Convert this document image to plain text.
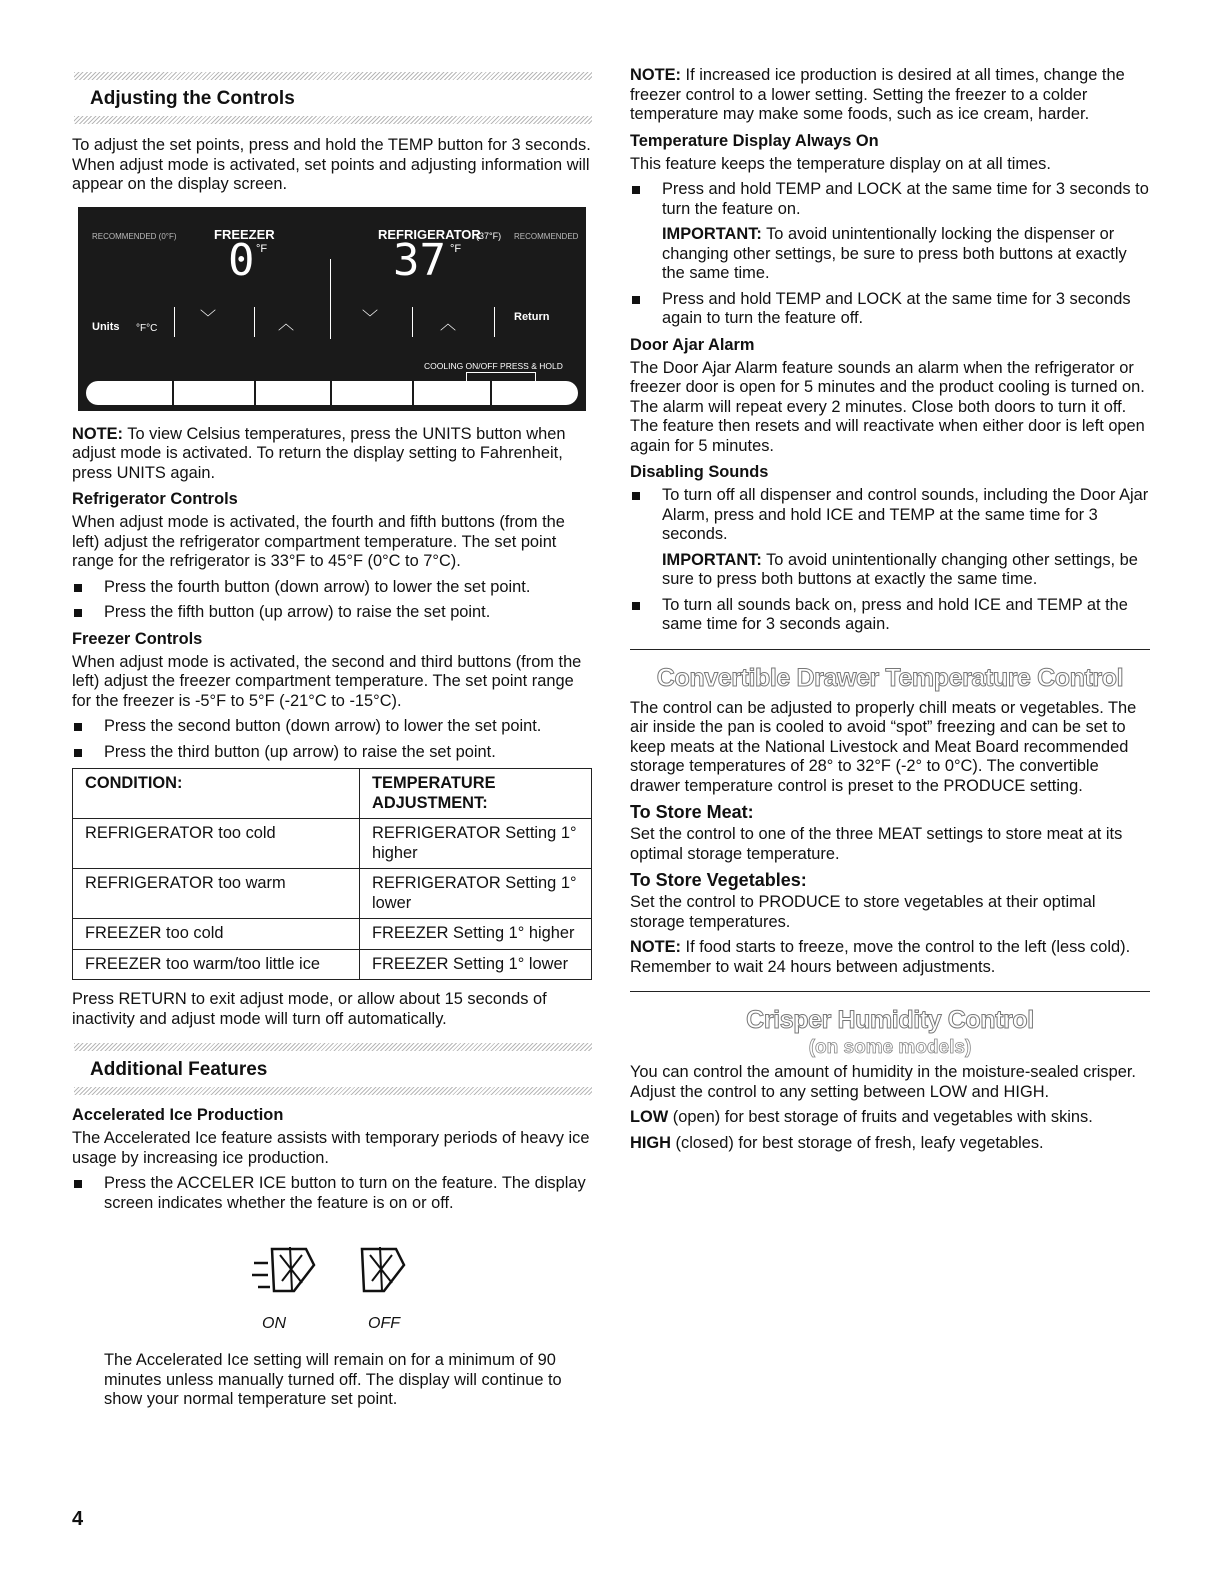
Adjusting the Controls

To adjust the set points, press and hold the TEMP button for 3 seconds. When adjust mode is activated, set points and adjusting information will appear on the display screen.

RECOMMENDED (0°F)	FREEZER	REFRIGERATOR
(37°F) RECOMMENDED
0 °F	37 °F
Units °F°C
﹀	︿	﹀	︿	Return
COOLING ON/OFF PRESS & HOLD

NOTE: To view Celsius temperatures, press the UNITS button when adjust mode is activated. To return the display setting to Fahrenheit, press UNITS again.

Refrigerator Controls

When adjust mode is activated, the fourth and fifth buttons (from the left) adjust the refrigerator compartment temperature. The set point range for the refrigerator is 33°F to 45°F (0°C to 7°C).

Press the fourth button (down arrow) to lower the set point.
Press the fifth button (up arrow) to raise the set point.
Freezer Controls

When adjust mode is activated, the second and third buttons (from the left) adjust the freezer compartment temperature. The set point range for the freezer is -5°F to 5°F (-21°C to -15°C).

Press the second button (down arrow) to lower the set point.
Press the third button (up arrow) to raise the set point.
CONDITION:	TEMPERATURE ADJUSTMENT:
REFRIGERATOR too cold	REFRIGERATOR Setting 1° higher
REFRIGERATOR too warm	REFRIGERATOR Setting 1° lower
FREEZER too cold	FREEZER Setting 1° higher
FREEZER too warm/too little ice	FREEZER Setting 1° lower

Press RETURN to exit adjust mode, or allow about 15 seconds of inactivity and adjust mode will turn off automatically.

Additional Features
Accelerated Ice Production

The Accelerated Ice feature assists with temporary periods of heavy ice usage by increasing ice production.

Press the ACCELER ICE button to turn on the feature. The display screen indicates whether the feature is on or off.
ON	OFF

The Accelerated Ice setting will remain on for a minimum of 90 minutes unless manually turned off. The display will continue to show your normal temperature set point.

NOTE: If increased ice production is desired at all times, change the freezer control to a lower setting. Setting the freezer to a colder temperature may make some foods, such as ice cream, harder.

Temperature Display Always On

This feature keeps the temperature display on at all times.

Press and hold TEMP and LOCK at the same time for 3 seconds to turn the feature on.

IMPORTANT: To avoid unintentionally locking the dispenser or changing other settings, be sure to press both buttons at exactly the same time.

Press and hold TEMP and LOCK at the same time for 3 seconds again to turn the feature off.
Door Ajar Alarm

The Door Ajar Alarm feature sounds an alarm when the refrigerator or freezer door is open for 5 minutes and the product cooling is turned on. The alarm will repeat every 2 minutes. Close both doors to turn it off. The feature then resets and will reactivate when either door is left open again for 5 minutes.

Disabling Sounds
To turn off all dispenser and control sounds, including the Door Ajar Alarm, press and hold ICE and TEMP at the same time for 3 seconds.

IMPORTANT: To avoid unintentionally changing other settings, be sure to press both buttons at exactly the same time.

To turn all sounds back on, press and hold ICE and TEMP at the same time for 3 seconds again.
Convertible Drawer Temperature Control

The control can be adjusted to properly chill meats or vegetables. The air inside the pan is cooled to avoid “spot” freezing and can be set to keep meats at the National Livestock and Meat Board recommended storage temperatures of 28° to 32°F (-2° to 0°C). The convertible drawer temperature control is preset to the PRODUCE setting.

To Store Meat:

Set the control to one of the three MEAT settings to store meat at its optimal storage temperature.

To Store Vegetables:

Set the control to PRODUCE to store vegetables at their optimal storage temperatures.

NOTE: If food starts to freeze, move the control to the left (less cold). Remember to wait 24 hours between adjustments.

Crisper Humidity Control
(on some models)

You can control the amount of humidity in the moisture-sealed crisper. Adjust the control to any setting between LOW and HIGH.

LOW (open) for best storage of fruits and vegetables with skins.

HIGH (closed) for best storage of fresh, leafy vegetables.

4
